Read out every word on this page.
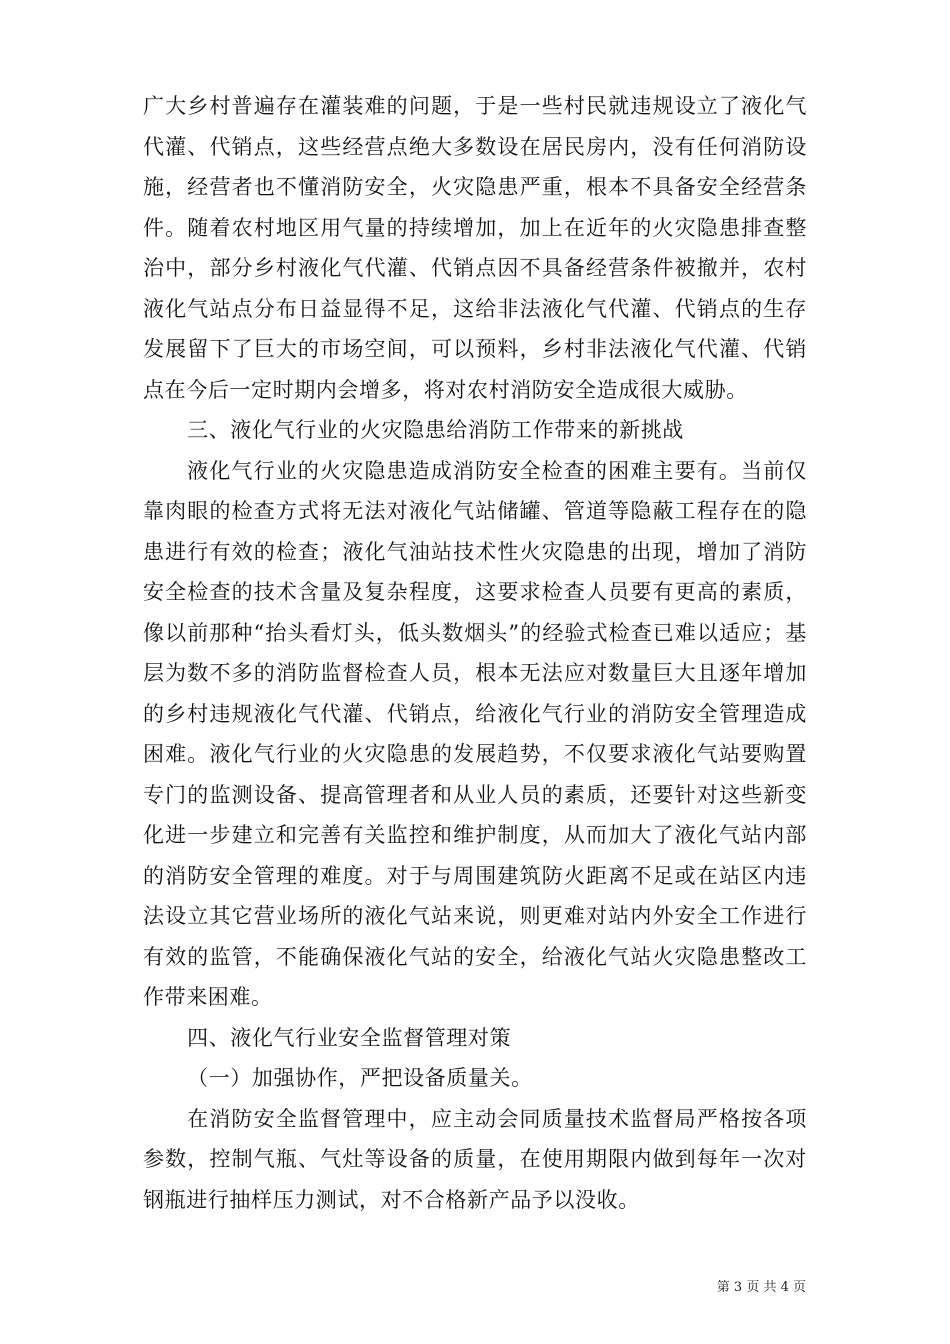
广大乡村普遍存在灌装难的问题，于是一些村民就违规设立了液化气代灌、代销点，这些经营点绝大多数设在居民房内，没有任何消防设施，经营者也不懂消防安全，火灾隐患严重，根本不具备安全经营条件。随着农村地区用气量的持续增加，加上在近年的火灾隐患排查整治中，部分乡村液化气代灌、代销点因不具备经营条件被撤并，农村液化气站点分布日益显得不足，这给非法液化气代灌、代销点的生存发展留下了巨大的市场空间，可以预料，乡村非法液化气代灌、代销点在今后一定时期内会增多，将对农村消防安全造成很大威胁。

三、液化气行业的火灾隐患给消防工作带来的新挑战

液化气行业的火灾隐患造成消防安全检查的困难主要有。当前仅靠肉眼的检查方式将无法对液化气站储罐、管道等隐蔽工程存在的隐患进行有效的检查；液化气油站技术性火灾隐患的出现，增加了消防安全检查的技术含量及复杂程度，这要求检查人员要有更高的素质，像以前那种“抬头看灯头，低头数烟头”的经验式检查已难以适应；基层为数不多的消防监督检查人员，根本无法应对数量巨大且逐年增加的乡村违规液化气代灌、代销点，给液化气行业的消防安全管理造成困难。液化气行业的火灾隐患的发展趋势，不仅要求液化气站要购置专门的监测设备、提高管理者和从业人员的素质，还要针对这些新变化进一步建立和完善有关监控和维护制度，从而加大了液化气站内部的消防安全管理的难度。对于与周围建筑防火距离不足或在站区内违法设立其它营业场所的液化气站来说，则更难对站内外安全工作进行有效的监管，不能确保液化气站的安全，给液化气站火灾隐患整改工作带来困难。

四、液化气行业安全监督管理对策

（一）加强协作，严把设备质量关。

在消防安全监督管理中，应主动会同质量技术监督局严格按各项参数，控制气瓶、气灶等设备的质量，在使用期限内做到每年一次对钢瓶进行抽样压力测试，对不合格新产品予以没收。

第 3 页 共 4 页
